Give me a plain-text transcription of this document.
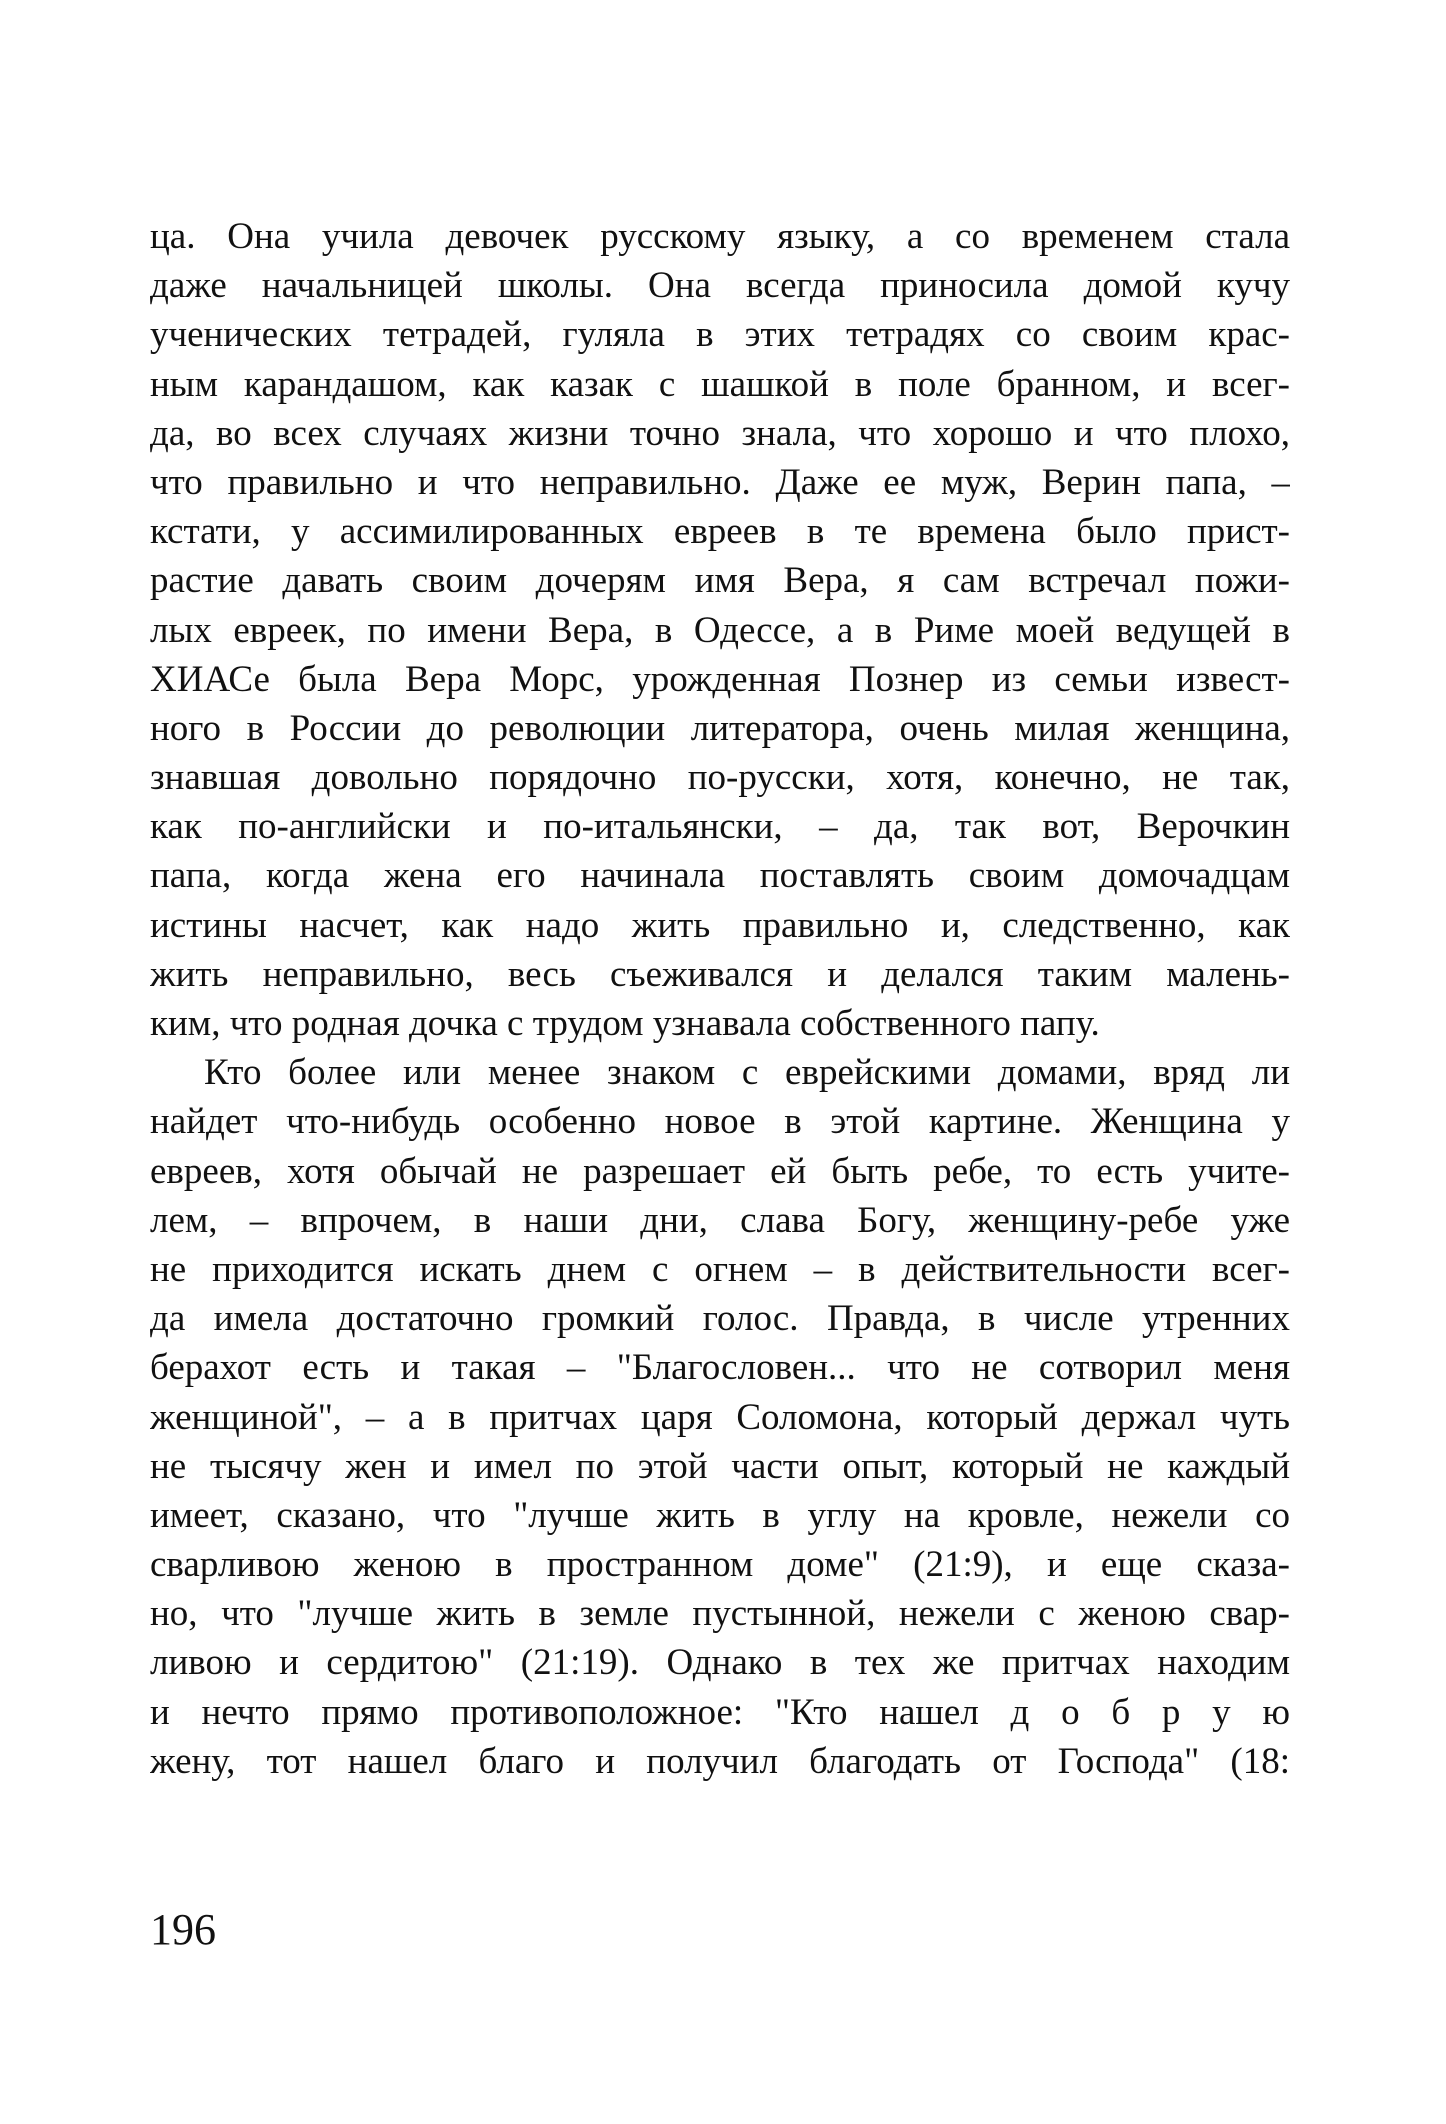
ца. Она учила девочек русскому языку, а со временем стала
даже начальницей школы. Она всегда приносила домой кучу
ученических тетрадей, гуляла в этих тетрадях со своим крас-
ным карандашом, как казак с шашкой в поле бранном, и всег-
да, во всех случаях жизни точно знала, что хорошо и что плохо,
что правильно и что неправильно. Даже ее муж, Верин папа, –
кстати, у ассимилированных евреев в те времена было прист-
растие давать своим дочерям имя Вера, я сам встречал пожи-
лых евреек, по имени Вера, в Одессе, а в Риме моей ведущей в
ХИАСе была Вера Морс, урожденная Познер из семьи извест-
ного в России до революции литератора, очень милая женщина,
знавшая довольно порядочно по-русски, хотя, конечно, не так,
как по-английски и по-итальянски, – да, так вот, Верочкин
папа, когда жена его начинала поставлять своим домочадцам
истины насчет, как надо жить правильно и, следственно, как
жить неправильно, весь съеживался и делался таким малень-
ким, что родная дочка с трудом узнавала собственного папу.
Кто более или менее знаком с еврейскими домами, вряд ли
найдет что-нибудь особенно новое в этой картине. Женщина у
евреев, хотя обычай не разрешает ей быть ребе, то есть учите-
лем, – впрочем, в наши дни, слава Богу, женщину-ребе уже
не приходится искать днем с огнем – в действительности всег-
да имела достаточно громкий голос. Правда, в числе утренних
берахот есть и такая – "Благословен... что не сотворил меня
женщиной", – а в притчах царя Соломона, который держал чуть
не тысячу жен и имел по этой части опыт, который не каждый
имеет, сказано, что "лучше жить в углу на кровле, нежели со
сварливою женою в пространном доме" (21:9), и еще сказа-
но, что "лучше жить в земле пустынной, нежели с женою свар-
ливою и сердитою" (21:19). Однако в тех же притчах находим
и нечто прямо противоположное: "Кто нашел д о б р у ю
жену, тот нашел благо и получил благодать от Господа" (18:
196
